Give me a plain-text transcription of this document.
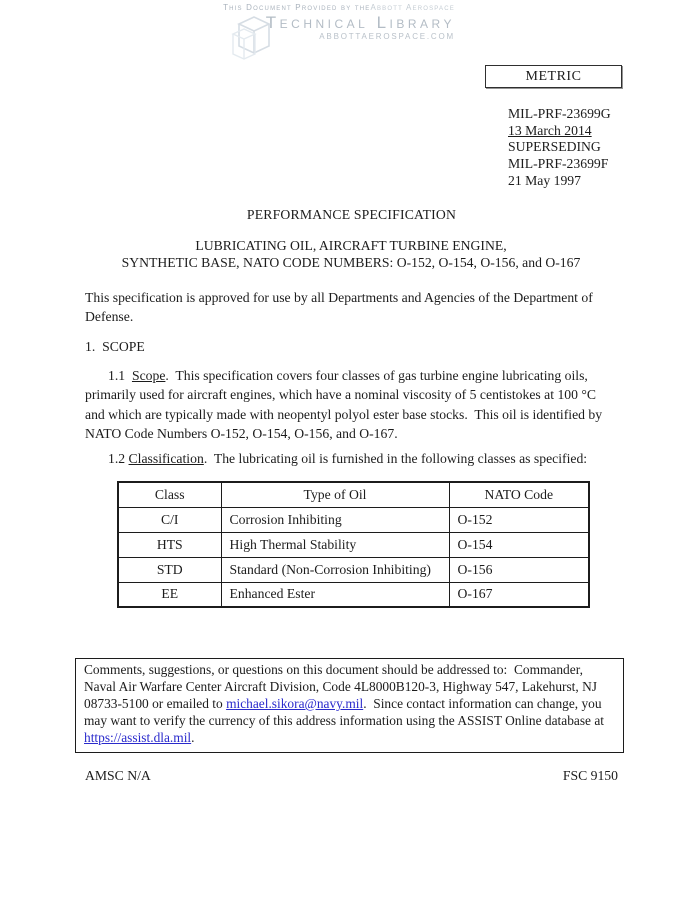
This Document Provided by theAbbott Aerospace
Technical Library
ABBOTTAEROSPACE.COM
METRIC
MIL-PRF-23699G
13 March 2014
SUPERSEDING
MIL-PRF-23699F
21 May 1997
PERFORMANCE SPECIFICATION
LUBRICATING OIL, AIRCRAFT TURBINE ENGINE,
SYNTHETIC BASE, NATO CODE NUMBERS: O-152, O-154, O-156, and O-167

This specification is approved for use by all Departments and Agencies of the Department of Defense.

1.  SCOPE

1.1  Scope.  This specification covers four classes of gas turbine engine lubricating oils, primarily used for aircraft engines, which have a nominal viscosity of 5 centistokes at 100 °C and which are typically made with neopentyl polyol ester base stocks.  This oil is identified by NATO Code Numbers O-152, O-154, O-156, and O-167.

1.2 Classification.  The lubricating oil is furnished in the following classes as specified:

Class	Type of Oil	NATO Code
C/I	Corrosion Inhibiting	O-152
HTS	High Thermal Stability	O-154
STD	Standard (Non-Corrosion Inhibiting)	O-156
EE	Enhanced Ester	O-167
Comments, suggestions, or questions on this document should be addressed to:  Commander, Naval Air Warfare Center Aircraft Division, Code 4L8000B120-3, Highway 547, Lakehurst, NJ 08733-5100 or emailed to michael.sikora@navy.mil.  Since contact information can change, you may want to verify the currency of this address information using the ASSIST Online database at https://assist.dla.mil.
AMSC N/A	FSC 9150
